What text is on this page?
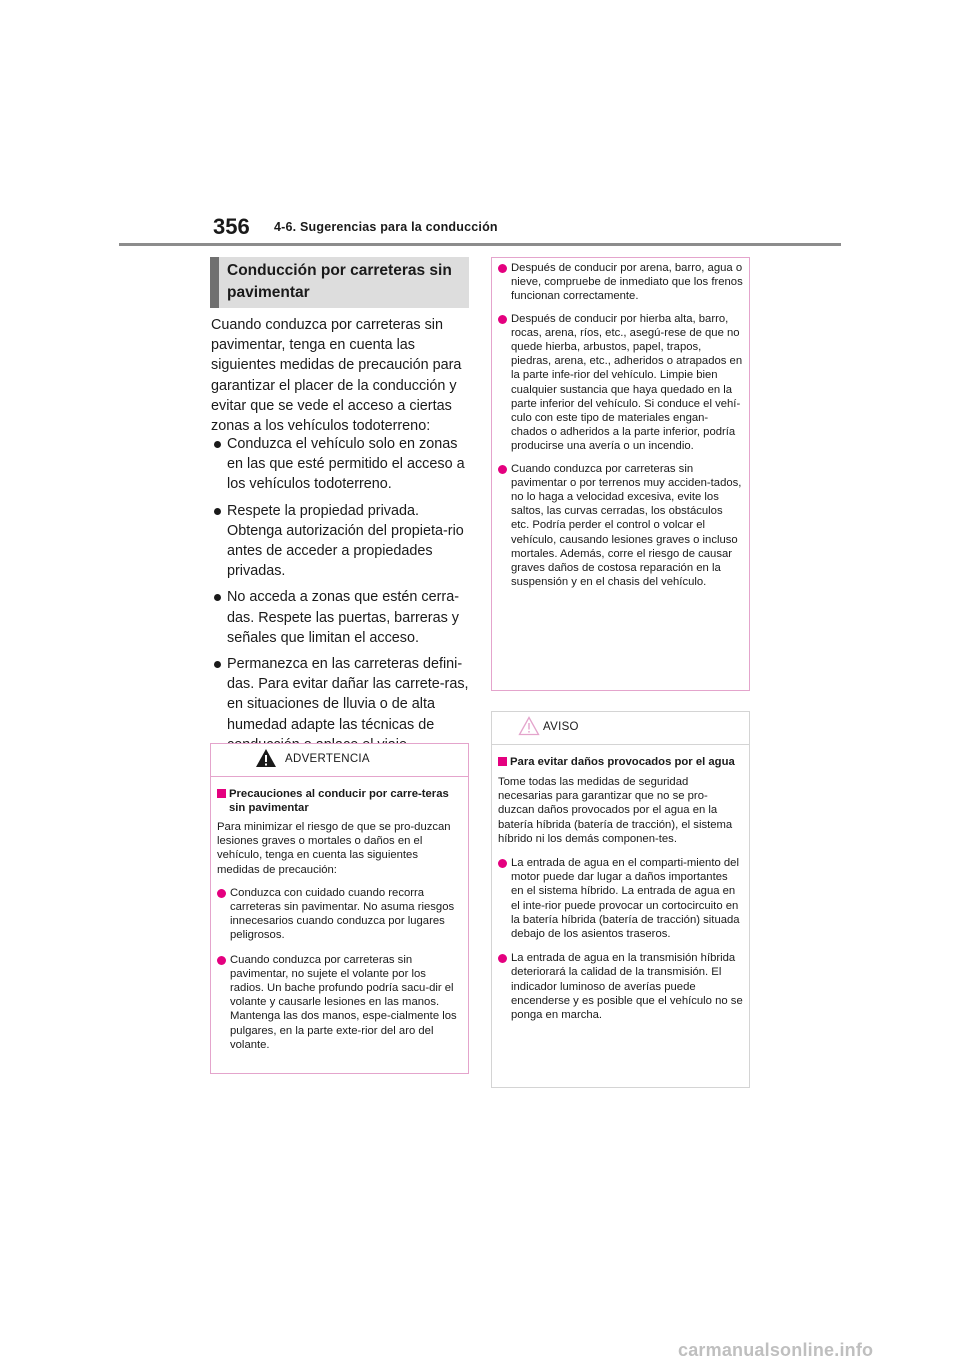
356 4-6. Sugerencias para la conducción
Conducción por carreteras sin pavimentar

Cuando conduzca por carreteras sin pavimentar, tenga en cuenta las siguientes medidas de precaución para garantizar el placer de la conducción y evitar que se vede el acceso a ciertas zonas a los vehículos todoterreno:

Conduzca el vehículo solo en zonas en las que esté permitido el acceso a los vehículos todoterreno.
Respete la propiedad privada. Obtenga autorización del propieta-rio antes de acceder a propiedades privadas.
No acceda a zonas que estén cerra-das. Respete las puertas, barreras y señales que limitan el acceso.
Permanezca en las carreteras defini-das. Para evitar dañar las carrete-ras, en situaciones de lluvia o de alta humedad adapte las técnicas de
ADVERTENCIA

Precauciones al conducir por carre-teras sin pavimentar

Para minimizar el riesgo de que se pro-duzcan lesiones graves o mortales o daños en el vehículo, tenga en cuenta las siguientes medidas de precaución:

Conduzca con cuidado cuando recorra carreteras sin pavimentar. No asuma riesgos innecesarios cuando conduzca por lugares peligrosos.

Cuando conduzca por carreteras sin pavimentar, no sujete el volante por los radios. Un bache profundo podría sacu-dir el volante y causarle lesiones en las manos. Mantenga las dos manos, espe-cialmente los pulgares, en la parte exte-rior del aro del volante.

Después de conducir por arena, barro, agua o nieve, compruebe de inmediato que los frenos funcionan correctamente.

Después de conducir por hierba alta, barro, rocas, arena, ríos, etc., asegú-rese de que no quede hierba, arbustos, papel, trapos, piedras, arena, etc., adheridos o atrapados en la parte infe-rior del vehículo. Limpie bien cualquier sustancia que haya quedado en la parte inferior del vehículo. Si conduce el vehí-culo con este tipo de materiales engan-chados o adheridos a la parte inferior, podría producirse una avería o un incendio.

Cuando conduzca por carreteras sin pavimentar o por terrenos muy acciden-tados, no lo haga a velocidad excesiva, evite los saltos, las curvas cerradas, los obstáculos etc. Podría perder el control o volcar el vehículo, causando lesiones graves o incluso mortales. Además, corre el riesgo de causar graves daños de costosa reparación en la suspensión y en el chasis del vehículo.

AVISO

Para evitar daños provocados por el agua

Tome todas las medidas de seguridad necesarias para garantizar que no se pro-duzcan daños provocados por el agua en la batería híbrida (batería de tracción), el sistema híbrido ni los demás componen-tes.

La entrada de agua en el comparti-miento del motor puede dar lugar a daños importantes en el sistema híbrido. La entrada de agua en el inte-rior puede provocar un cortocircuito en la batería híbrida (batería de tracción) situada debajo de los asientos traseros.

La entrada de agua en la transmisión híbrida deteriorará la calidad de la transmisión. El indicador luminoso de averías puede encenderse y es posible que el vehículo no se ponga en marcha.

carmanualsonline.info
